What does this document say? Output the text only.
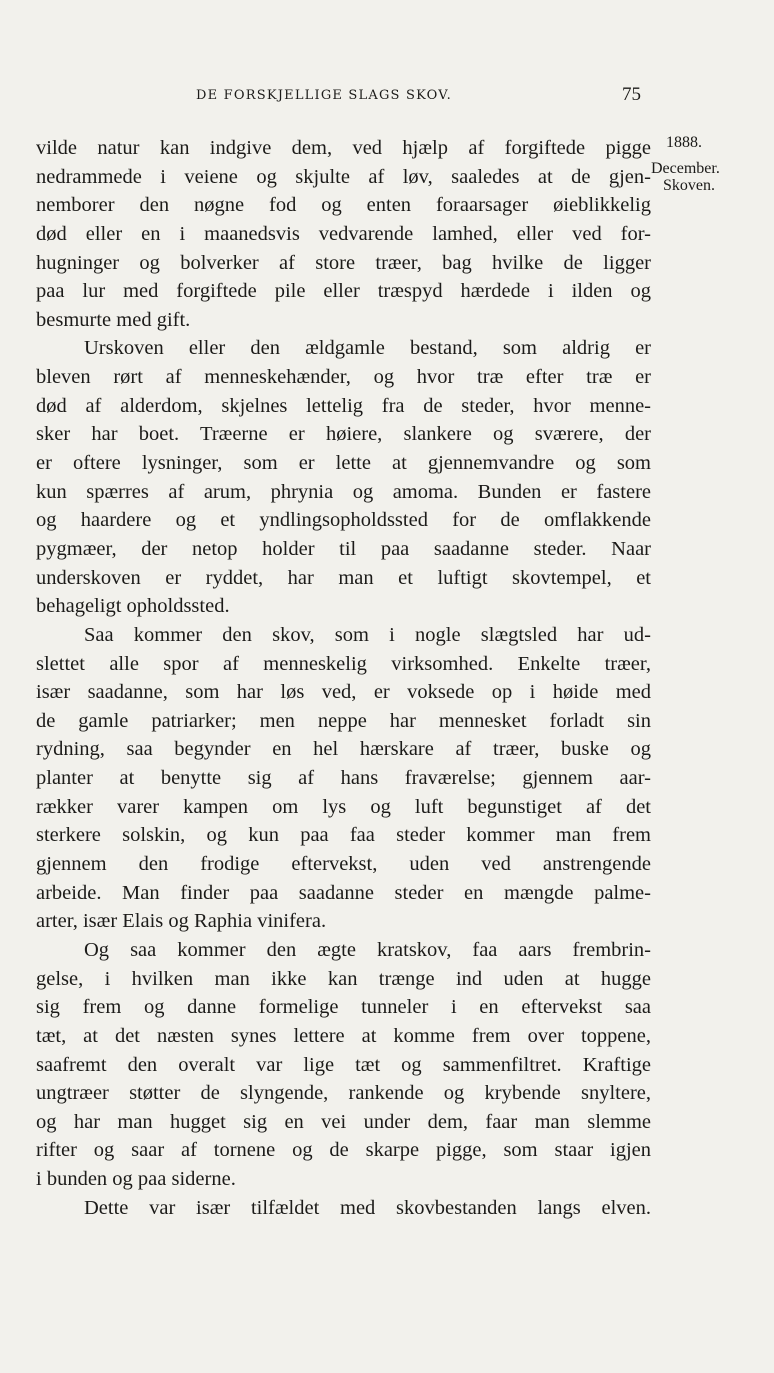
DE FORSKJELLIGE SLAGS SKOV.	75
1888.
December.
Skoven.
vilde natur kan indgive dem, ved hjælp af forgiftede pigge
nedrammede i veiene og skjulte af løv, saaledes at de gjen-
nemborer den nøgne fod og enten foraarsager øieblikkelig
død eller en i maanedsvis vedvarende lamhed, eller ved for-
hugninger og bolverker af store træer, bag hvilke de ligger
paa lur med forgiftede pile eller træspyd hærdede i ilden og
besmurte med gift.
Urskoven eller den ældgamle bestand, som aldrig er
bleven rørt af menneskehænder, og hvor træ efter træ er
død af alderdom, skjelnes lettelig fra de steder, hvor menne-
sker har boet. Træerne er høiere, slankere og sværere, der
er oftere lysninger, som er lette at gjennemvandre og som
kun spærres af arum, phrynia og amoma. Bunden er fastere
og haardere og et yndlingsopholdssted for de omflakkende
pygmæer, der netop holder til paa saadanne steder. Naar
underskoven er ryddet, har man et luftigt skovtempel, et
behageligt opholdssted.
Saa kommer den skov, som i nogle slægtsled har ud-
slettet alle spor af menneskelig virksomhed. Enkelte træer,
især saadanne, som har løs ved, er voksede op i høide med
de gamle patriarker; men neppe har mennesket forladt sin
rydning, saa begynder en hel hærskare af træer, buske og
planter at benytte sig af hans fraværelse; gjennem aar-
rækker varer kampen om lys og luft begunstiget af det
sterkere solskin, og kun paa faa steder kommer man frem
gjennem den frodige eftervekst, uden ved anstrengende
arbeide. Man finder paa saadanne steder en mængde palme-
arter, især Elais og Raphia vinifera.
Og saa kommer den ægte kratskov, faa aars frembrin-
gelse, i hvilken man ikke kan trænge ind uden at hugge
sig frem og danne formelige tunneler i en eftervekst saa
tæt, at det næsten synes lettere at komme frem over toppene,
saafremt den overalt var lige tæt og sammenfiltret. Kraftige
ungtræer støtter de slyngende, rankende og krybende snyltere,
og har man hugget sig en vei under dem, faar man slemme
rifter og saar af tornene og de skarpe pigge, som staar igjen
i bunden og paa siderne.
Dette var især tilfældet med skovbestanden langs elven.
